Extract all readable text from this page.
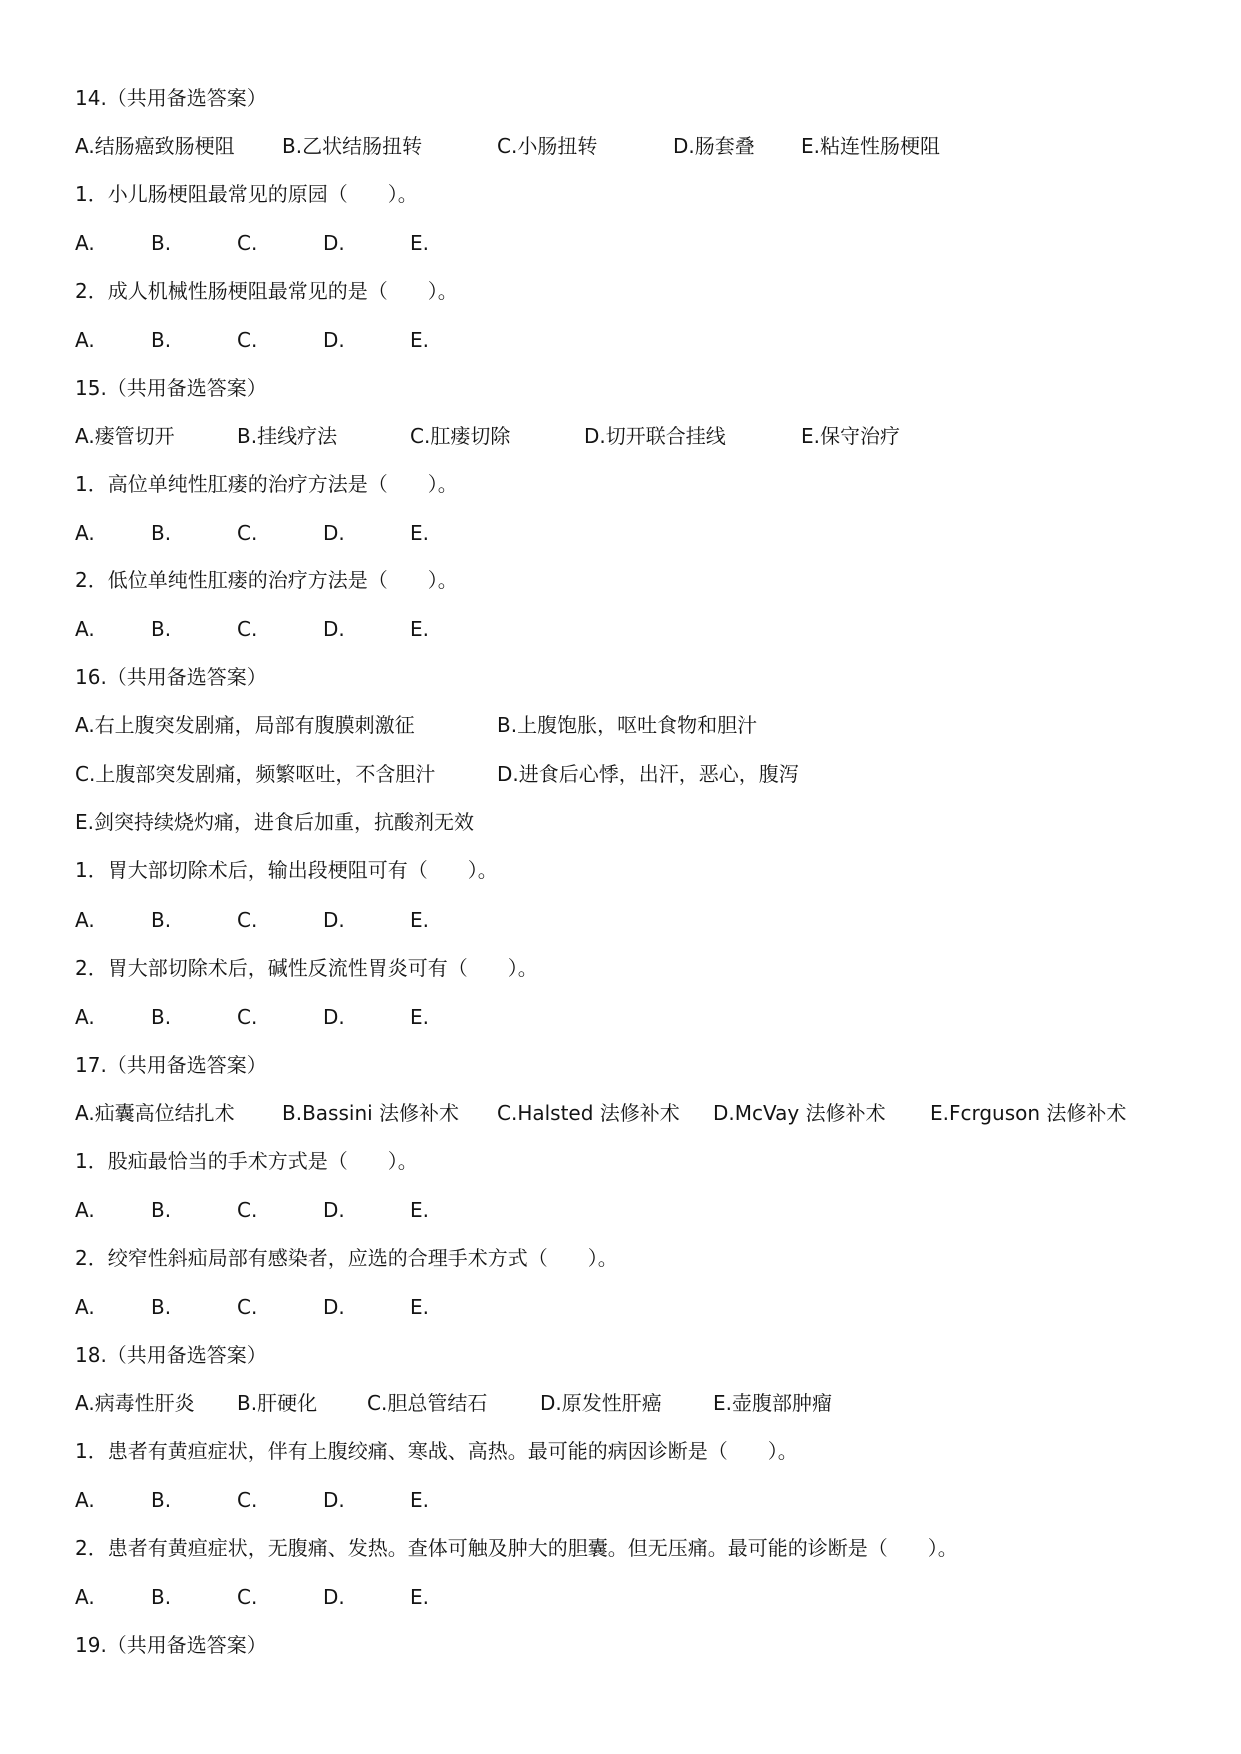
14.（共用备选答案）
A.结肠癌致肠梗阻 B.乙状结肠扭转	C.小肠扭转	D.肠套叠 E.粘连性肠梗阻
1．小儿肠梗阻最常见的原园（　　）。
A.	B.	C.	D.	E.
2．成人机械性肠梗阻最常见的是（　　）。
A.	B.	C.	D.	E.
15.（共用备选答案）
A.瘘管切开	B.挂线疗法	C.肛瘘切除	D.切开联合挂线	E.保守治疗
1．高位单纯性肛瘘的治疗方法是（　　）。
A.	B.	C.	D.	E.
2．低位单纯性肛瘘的治疗方法是（　　）。
A.	B.	C.	D.	E.
16.（共用备选答案）
A.右上腹突发剧痛，局部有腹膜刺激征	B.上腹饱胀，呕吐食物和胆汁
C.上腹部突发剧痛，频繁呕吐，不含胆汁	D.进食后心悸，出汗，恶心，腹泻
E.剑突持续烧灼痛，进食后加重，抗酸剂无效
1．胃大部切除术后，输出段梗阻可有（　　）。
A.	B.	C.	D.	E.
2．胃大部切除术后，碱性反流性胃炎可有（　　）。
A.	B.	C.	D.	E.
17.（共用备选答案）
A.疝囊高位结扎术 B.Bassini 法修补术 C.Halsted 法修补术 D.McVay 法修补术 E.Fcrguson 法修补术
1．股疝最恰当的手术方式是（　　）。
A.	B.	C.	D.	E.
2．绞窄性斜疝局部有感染者，应选的合理手术方式（　　）。
A.	B.	C.	D.	E.
18.（共用备选答案）
A.病毒性肝炎 B.肝硬化 C.胆总管结石	D.原发性肝癌	E.壶腹部肿瘤
1．患者有黄疸症状，伴有上腹绞痛、寒战、高热。最可能的病因诊断是（　　）。
A.	B.	C.	D.	E.
2．患者有黄疸症状，无腹痛、发热。查体可触及肿大的胆囊。但无压痛。最可能的诊断是（　　）。
A.	B.	C.	D.	E.
19.（共用备选答案）
